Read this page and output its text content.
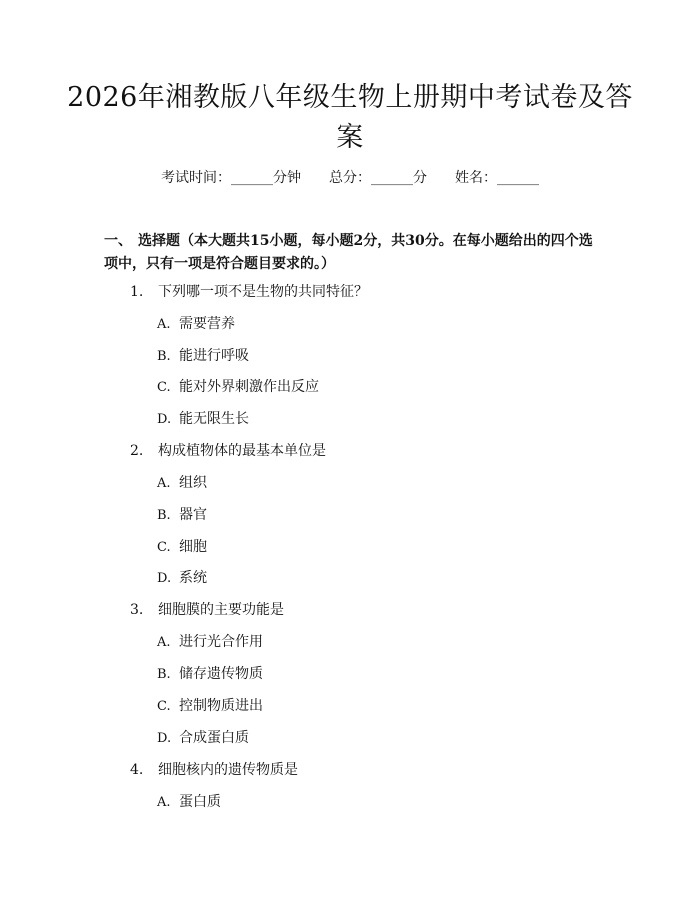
2026年湘教版八年级生物上册期中考试卷及答案
考试时间：______分钟 总分：______分 姓名：______
一、 选择题（本大题共15小题，每小题2分，共30分。在每小题给出的四个选项中，只有一项是符合题目要求的。）
1. 下列哪一项不是生物的共同特征？
A. 需要营养
B. 能进行呼吸
C. 能对外界刺激作出反应
D. 能无限生长
2. 构成植物体的最基本单位是
A. 组织
B. 器官
C. 细胞
D. 系统
3. 细胞膜的主要功能是
A. 进行光合作用
B. 储存遗传物质
C. 控制物质进出
D. 合成蛋白质
4. 细胞核内的遗传物质是
A. 蛋白质
